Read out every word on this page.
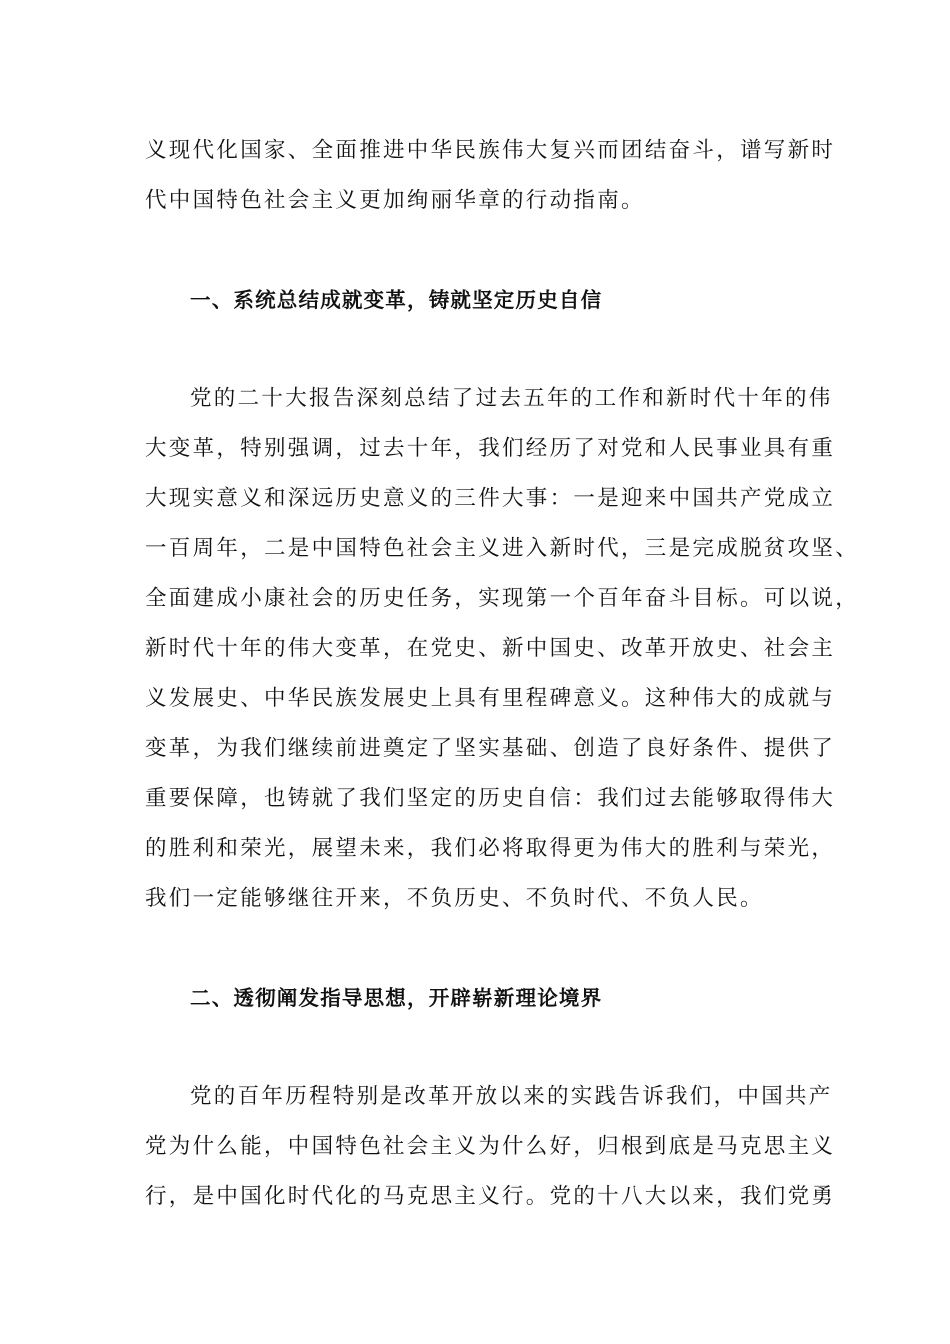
义现代化国家、全面推进中华民族伟大复兴而团结奋斗，谱写新时
代中国特色社会主义更加绚丽华章的行动指南。
一、系统总结成就变革，铸就坚定历史自信
党的二十大报告深刻总结了过去五年的工作和新时代十年的伟
大变革，特别强调，过去十年，我们经历了对党和人民事业具有重
大现实意义和深远历史意义的三件大事：一是迎来中国共产党成立
一百周年，二是中国特色社会主义进入新时代，三是完成脱贫攻坚、
全面建成小康社会的历史任务，实现第一个百年奋斗目标。可以说，
新时代十年的伟大变革，在党史、新中国史、改革开放史、社会主
义发展史、中华民族发展史上具有里程碑意义。这种伟大的成就与
变革，为我们继续前进奠定了坚实基础、创造了良好条件、提供了
重要保障，也铸就了我们坚定的历史自信：我们过去能够取得伟大
的胜利和荣光，展望未来，我们必将取得更为伟大的胜利与荣光，
我们一定能够继往开来，不负历史、不负时代、不负人民。
二、透彻阐发指导思想，开辟崭新理论境界
党的百年历程特别是改革开放以来的实践告诉我们，中国共产
党为什么能，中国特色社会主义为什么好，归根到底是马克思主义
行，是中国化时代化的马克思主义行。党的十八大以来，我们党勇
